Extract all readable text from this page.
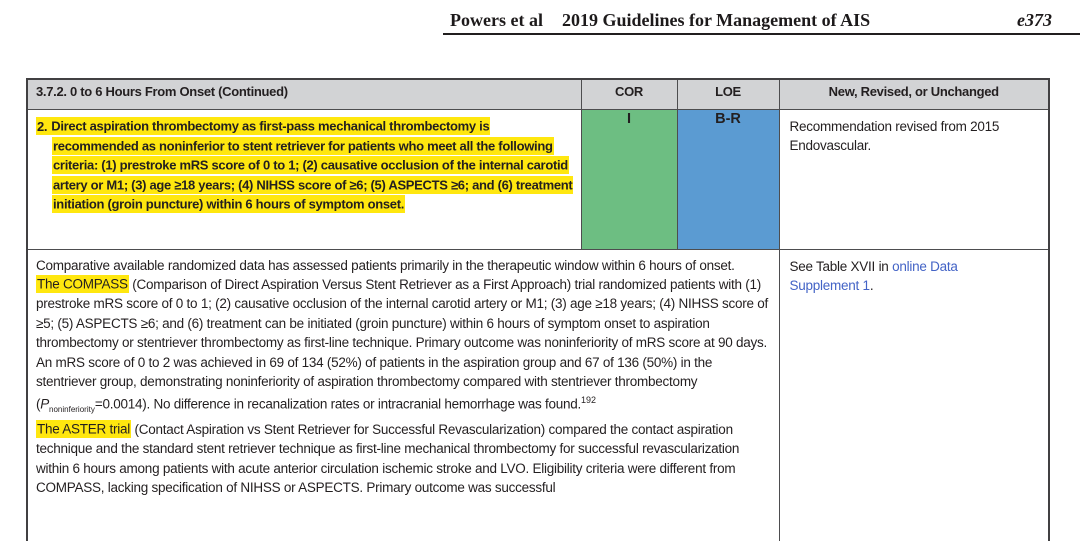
Powers et al 2019 Guidelines for Management of AIS	e373
3.7.2. 0 to 6 Hours From Onset (Continued)	COR	LOE	New, Revised, or Unchanged

2. Direct aspiration thrombectomy as first-pass mechanical thrombectomy is recommended as noninferior to stent retriever for patients who meet all the following criteria: (1) prestroke mRS score of 0 to 1; (2) causative occlusion of the internal carotid artery or M1; (3) age ≥18 years; (4) NIHSS score of ≥6; (5) ASPECTS ≥6; and (6) treatment initiation (groin puncture) within 6 hours of symptom onset.	I	B-R	Recommendation revised from 2015 Endovascular.

Comparative available randomized data has assessed patients primarily in the therapeutic window within 6 hours of onset.
The COMPASS (Comparison of Direct Aspiration Versus Stent Retriever as a First Approach) trial randomized patients with (1) prestroke mRS score of 0 to 1; (2) causative occlusion of the internal carotid artery or M1; (3) age ≥18 years; (4) NIHSS score of ≥5; (5) ASPECTS ≥6; and (6) treatment can be initiated (groin puncture) within 6 hours of symptom onset to aspiration thrombectomy or stentriever thrombectomy as first-line technique. Primary outcome was noninferiority of mRS score at 90 days. An mRS score of 0 to 2 was achieved in 69 of 134 (52%) of patients in the aspiration group and 67 of 136 (50%) in the stentriever group, demonstrating noninferiority of aspiration thrombectomy compared with stentriever thrombectomy $(P_{noninferiority}=0.0014)$. No difference in recanalization rates or intracranial hemorrhage was found.$^{192}$
The ASTER trial (Contact Aspiration vs Stent Retriever for Successful Revascularization) compared the contact aspiration technique and the standard stent retriever technique as first-line mechanical thrombectomy for successful revascularization within 6 hours among patients with acute anterior circulation ischemic stroke and LVO. Eligibility criteria were different from COMPASS, lacking specification of NIHSS or ASPECTS. Primary outcome was successful			See Table XVII in online Data Supplement 1.
